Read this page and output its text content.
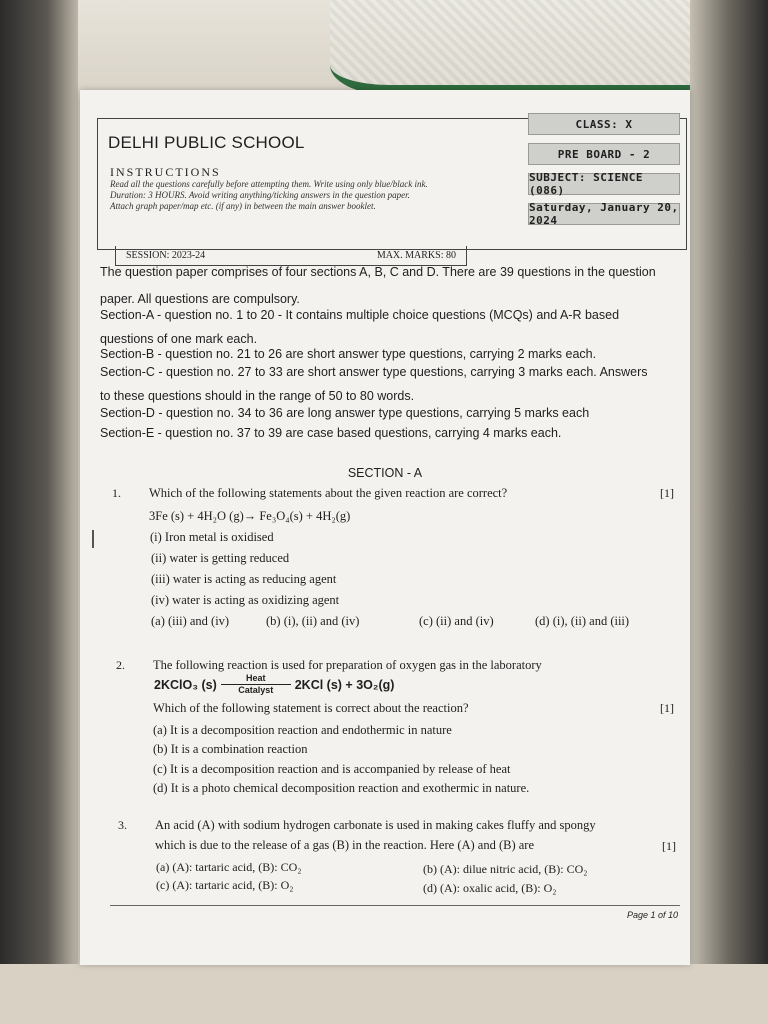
DELHI PUBLIC SCHOOL
INSTRUCTIONS
Read all the questions carefully before attempting them. Write using only blue/black ink.
Duration: 3 HOURS. Avoid writing anything/ticking answers in the question paper.
Attach graph paper/map etc. (if any) in between the main answer booklet.
CLASS: X
PRE BOARD - 2
SUBJECT: SCIENCE (086)
Saturday, January 20, 2024
SESSION: 2023-24	MAX. MARKS: 80
The question paper comprises of four sections A, B, C and D. There are 39 questions in the question
paper. All questions are compulsory.
Section-A - question no. 1 to 20 - It contains multiple choice questions (MCQs) and A-R based
questions of one mark each.
Section-B - question no. 21 to 26 are short answer type questions, carrying 2 marks each.
Section-C - question no. 27 to 33 are short answer type questions, carrying 3 marks each. Answers
to these questions should in the range of 50 to 80 words.
Section-D - question no. 34 to 36 are long answer type questions, carrying 5 marks each
Section-E - question no. 37 to 39 are case based questions, carrying 4 marks each.
SECTION - A
1. Which of the following statements about the given reaction are correct?	[1]
3Fe (s) + 4H₂O (g)→ Fe₃O₄(s) + 4H₂(g)
(i) Iron metal is oxidised
(ii) water is getting reduced
(iii) water is acting as reducing agent
(iv) water is acting as oxidizing agent
(a) (iii) and (iv)	(b) (i), (ii) and (iv)	(c) (ii) and (iv)	(d) (i), (ii) and (iii)
2. The following reaction is used for preparation of oxygen gas in the laboratory
2KClO₃ (s)	Heat
Catalyst	2KCl (s) + 3O₂(g)
Which of the following statement is correct about the reaction?	[1]
(a) It is a decomposition reaction and endothermic in nature
(b) It is a combination reaction
(c) It is a decomposition reaction and is accompanied by release of heat
(d) It is a photo chemical decomposition reaction and exothermic in nature.
3. An acid (A) with sodium hydrogen carbonate is used in making cakes fluffy and spongy
which is due to the release of a gas (B) in the reaction. Here (A) and (B) are	[1]
(a) (A): tartaric acid, (B): CO₂	(b) (A): dilue nitric acid, (B): CO₂
(c) (A): tartaric acid, (B): O₂	(d) (A): oxalic acid, (B): O₂
Page 1 of 10
